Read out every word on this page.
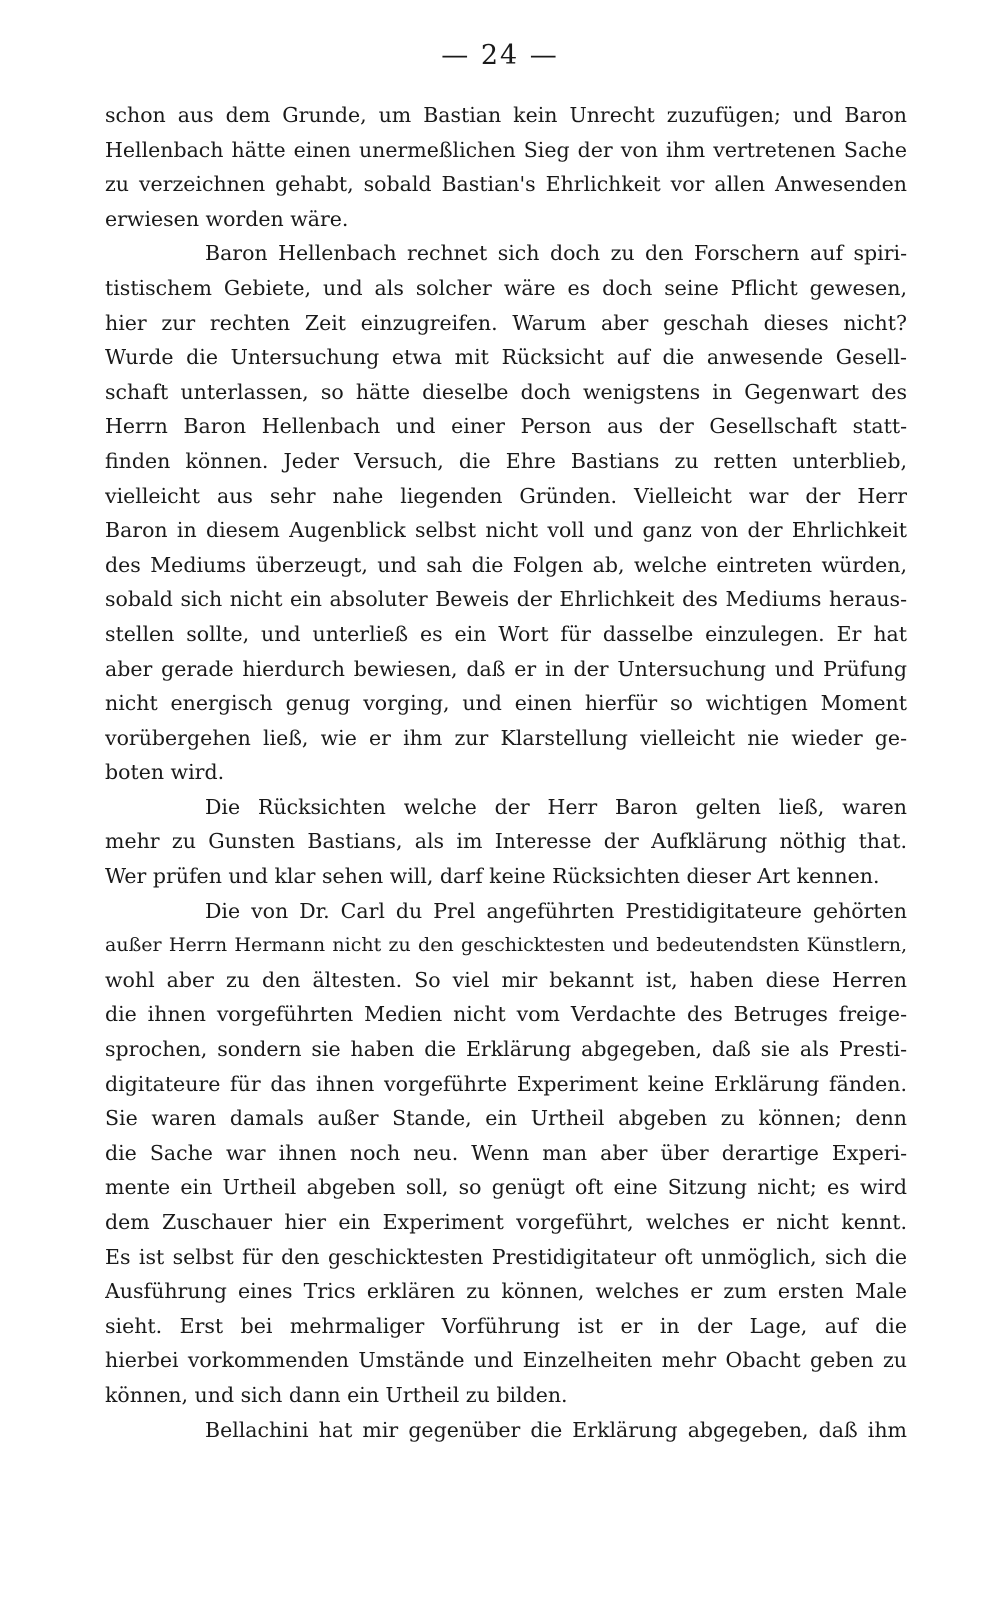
— 24 —
schon aus dem Grunde, um Bastian kein Unrecht zuzufügen; und Baron
Hellenbach hätte einen unermeßlichen Sieg der von ihm vertretenen Sache
zu verzeichnen gehabt, sobald Bastian's Ehrlichkeit vor allen Anwesenden
erwiesen worden wäre.
Baron Hellenbach rechnet sich doch zu den Forschern auf spiri-
tistischem Gebiete, und als solcher wäre es doch seine Pflicht gewesen,
hier zur rechten Zeit einzugreifen. Warum aber geschah dieses nicht?
Wurde die Untersuchung etwa mit Rücksicht auf die anwesende Gesell-
schaft unterlassen, so hätte dieselbe doch wenigstens in Gegenwart des
Herrn Baron Hellenbach und einer Person aus der Gesellschaft statt-
finden können. Jeder Versuch, die Ehre Bastians zu retten unterblieb,
vielleicht aus sehr nahe liegenden Gründen. Vielleicht war der Herr
Baron in diesem Augenblick selbst nicht voll und ganz von der Ehrlichkeit
des Mediums überzeugt, und sah die Folgen ab, welche eintreten würden,
sobald sich nicht ein absoluter Beweis der Ehrlichkeit des Mediums heraus-
stellen sollte, und unterließ es ein Wort für dasselbe einzulegen. Er hat
aber gerade hierdurch bewiesen, daß er in der Untersuchung und Prüfung
nicht energisch genug vorging, und einen hierfür so wichtigen Moment
vorübergehen ließ, wie er ihm zur Klarstellung vielleicht nie wieder ge-
boten wird.
Die Rücksichten welche der Herr Baron gelten ließ, waren
mehr zu Gunsten Bastians, als im Interesse der Aufklärung nöthig that.
Wer prüfen und klar sehen will, darf keine Rücksichten dieser Art kennen.
Die von Dr. Carl du Prel angeführten Prestidigitateure gehörten
außer Herrn Hermann nicht zu den geschicktesten und bedeutendsten Künstlern,
wohl aber zu den ältesten. So viel mir bekannt ist, haben diese Herren
die ihnen vorgeführten Medien nicht vom Verdachte des Betruges freige-
sprochen, sondern sie haben die Erklärung abgegeben, daß sie als Presti-
digitateure für das ihnen vorgeführte Experiment keine Erklärung fänden.
Sie waren damals außer Stande, ein Urtheil abgeben zu können; denn
die Sache war ihnen noch neu. Wenn man aber über derartige Experi-
mente ein Urtheil abgeben soll, so genügt oft eine Sitzung nicht; es wird
dem Zuschauer hier ein Experiment vorgeführt, welches er nicht kennt.
Es ist selbst für den geschicktesten Prestidigitateur oft unmöglich, sich die
Ausführung eines Trics erklären zu können, welches er zum ersten Male
sieht. Erst bei mehrmaliger Vorführung ist er in der Lage, auf die
hierbei vorkommenden Umstände und Einzelheiten mehr Obacht geben zu
können, und sich dann ein Urtheil zu bilden.
Bellachini hat mir gegenüber die Erklärung abgegeben, daß ihm
